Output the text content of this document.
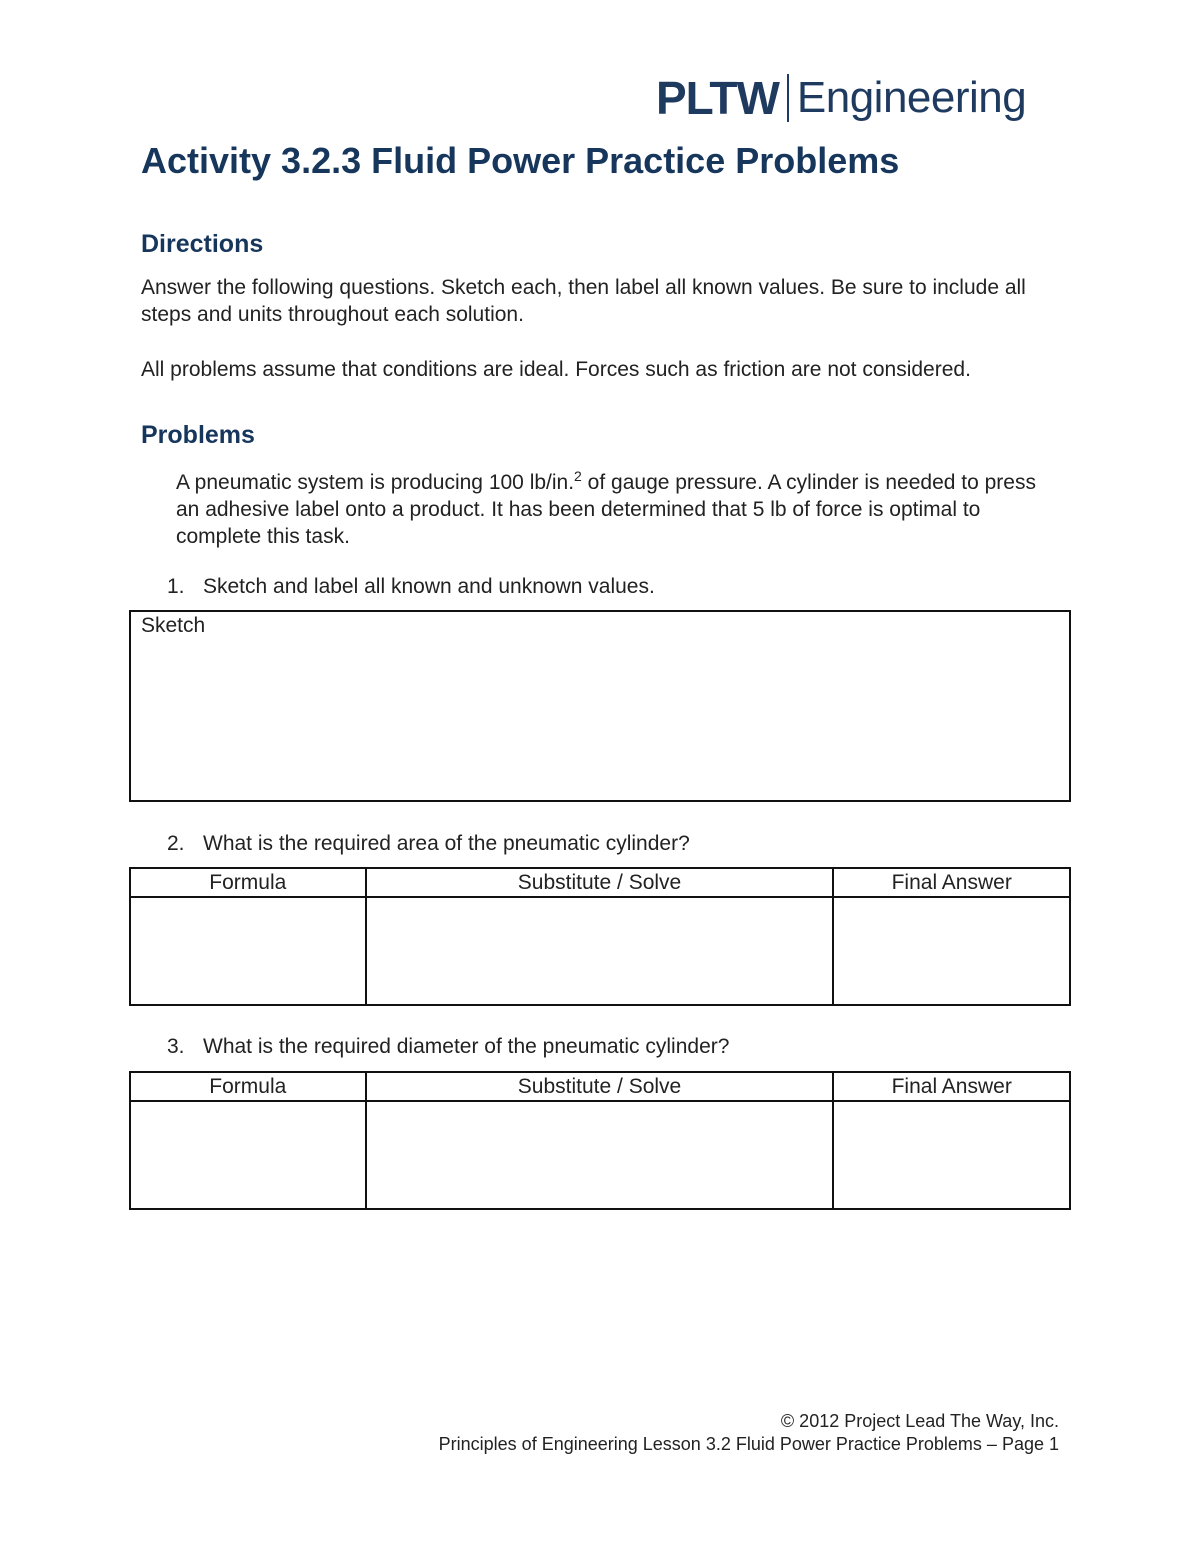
PLTW Engineering
Activity 3.2.3 Fluid Power Practice Problems
Directions

Answer the following questions. Sketch each, then label all known values. Be sure to include all steps and units throughout each solution.

All problems assume that conditions are ideal. Forces such as friction are not considered.

Problems

A pneumatic system is producing 100 lb/in.$^2$ of gauge pressure. A cylinder is needed to press an adhesive label onto a product. It has been determined that 5 lb of force is optimal to complete this task.

1. Sketch and label all known and unknown values.

Sketch

2. What is the required area of the pneumatic cylinder?

Formula	Substitute / Solve	Final Answer

3. What is the required diameter of the pneumatic cylinder?

Formula	Substitute / Solve	Final Answer

© 2012 Project Lead The Way, Inc.
Principles of Engineering Lesson 3.2 Fluid Power Practice Problems – Page 1
